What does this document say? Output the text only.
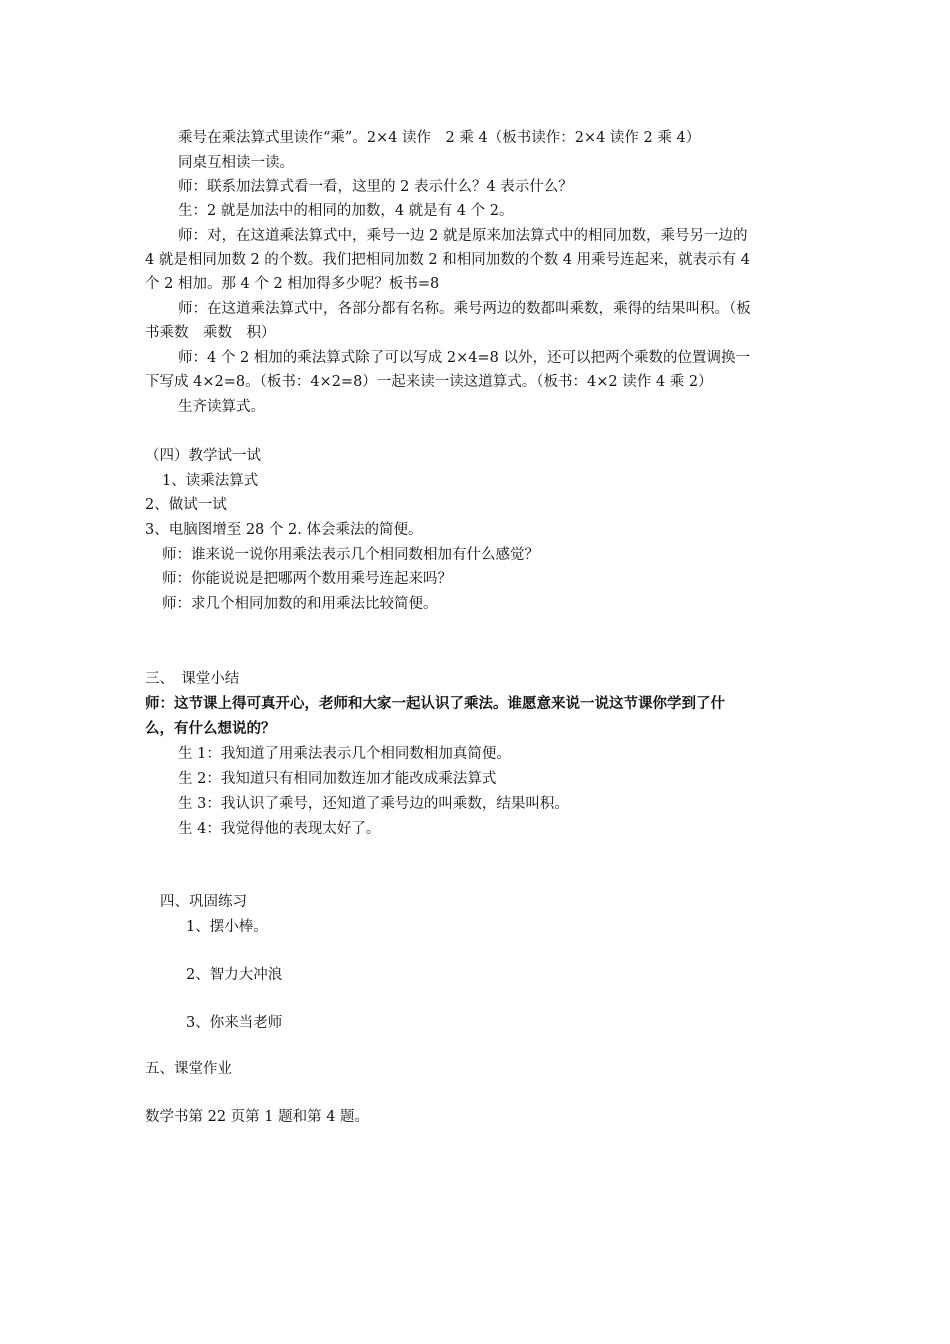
乘号在乘法算式里读作“乘”。2×4 读作　2 乘 4（板书读作：2×4 读作 2 乘 4）
同桌互相读一读。
师：联系加法算式看一看，这里的 2 表示什么？4 表示什么？
生：2 就是加法中的相同的加数，4 就是有 4 个 2。
师：对，在这道乘法算式中，乘号一边 2 就是原来加法算式中的相同加数，乘号另一边的
4 就是相同加数 2 的个数。我们把相同加数 2 和相同加数的个数 4 用乘号连起来，就表示有 4
个 2 相加。那 4 个 2 相加得多少呢？板书=8
师：在这道乘法算式中，各部分都有名称。乘号两边的数都叫乘数，乘得的结果叫积。（板
书乘数　乘数　积）
师：4 个 2 相加的乘法算式除了可以写成 2×4=8 以外，还可以把两个乘数的位置调换一
下写成 4×2=8。（板书：4×2=8）一起来读一读这道算式。（板书：4×2 读作 4 乘 2）
生齐读算式。
（四）教学试一试
1、读乘法算式
2、做试一试
3、电脑图增至 28 个 2. 体会乘法的简便。
师：谁来说一说你用乘法表示几个相同数相加有什么感觉？
师：你能说说是把哪两个数用乘号连起来吗？
师：求几个相同加数的和用乘法比较简便。
三、　课堂小结
师：这节课上得可真开心，老师和大家一起认识了乘法。谁愿意来说一说这节课你学到了什
么，有什么想说的？
生 1：我知道了用乘法表示几个相同数相加真简便。
生 2：我知道只有相同加数连加才能改成乘法算式
生 3：我认识了乘号，还知道了乘号边的叫乘数，结果叫积。
生 4：我觉得他的表现太好了。
四、巩固练习
1、摆小棒。
2、智力大冲浪
3、你来当老师
五、课堂作业
数学书第 22 页第 1 题和第 4 题。
